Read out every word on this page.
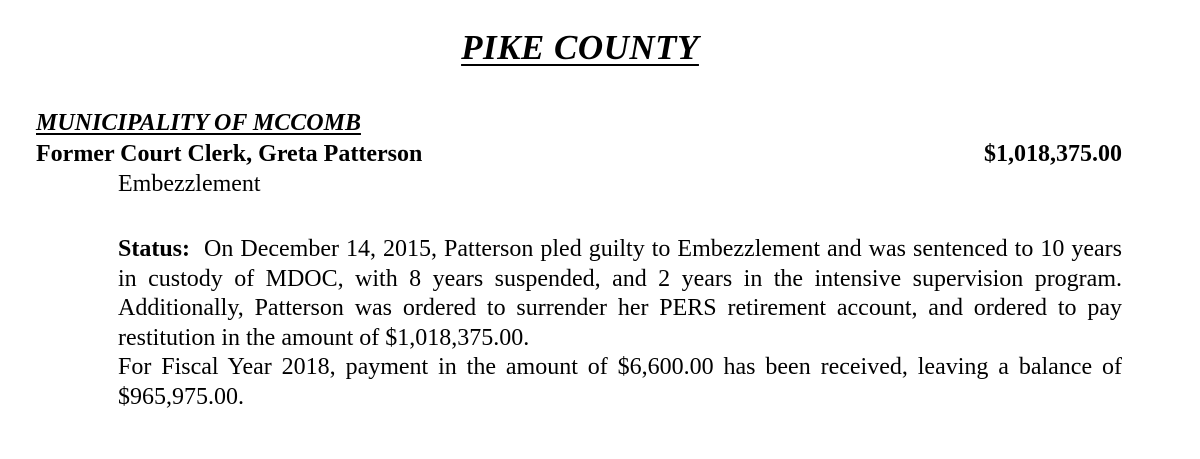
PIKE COUNTY
MUNICIPALITY OF MCCOMB
Former Court Clerk, Greta Patterson	$1,018,375.00
Embezzlement

Status: On December 14, 2015, Patterson pled guilty to Embezzlement and was sentenced to 10 years in custody of MDOC, with 8 years suspended, and 2 years in the intensive supervision program. Additionally, Patterson was ordered to surrender her PERS retirement account, and ordered to pay restitution in the amount of $1,018,375.00.

For Fiscal Year 2018, payment in the amount of $6,600.00 has been received, leaving a balance of $965,975.00.
